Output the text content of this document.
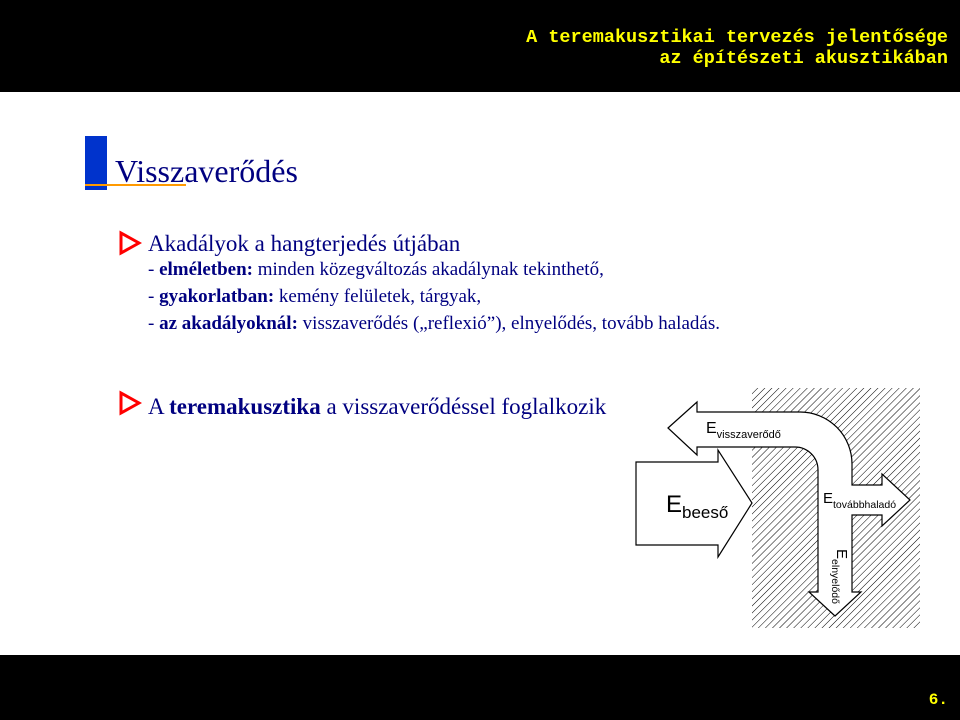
A teremakusztikai tervezés jelentősége
az építészeti akusztikában
Visszaverődés
Akadályok a hangterjedés útjában
- elméletben: minden közegváltozás akadálynak tekinthető,
- gyakorlatban: kemény felületek, tárgyak,
- az akadályoknál: visszaverődés („reflexió”), elnyelődés, tovább haladás.
A teremakusztika a visszaverődéssel foglalkozik
$E_{visszaverődő}$
$E_{beeső}$
$E_{továbbhaladó}$
$E_{elnyelődő}$
6.
